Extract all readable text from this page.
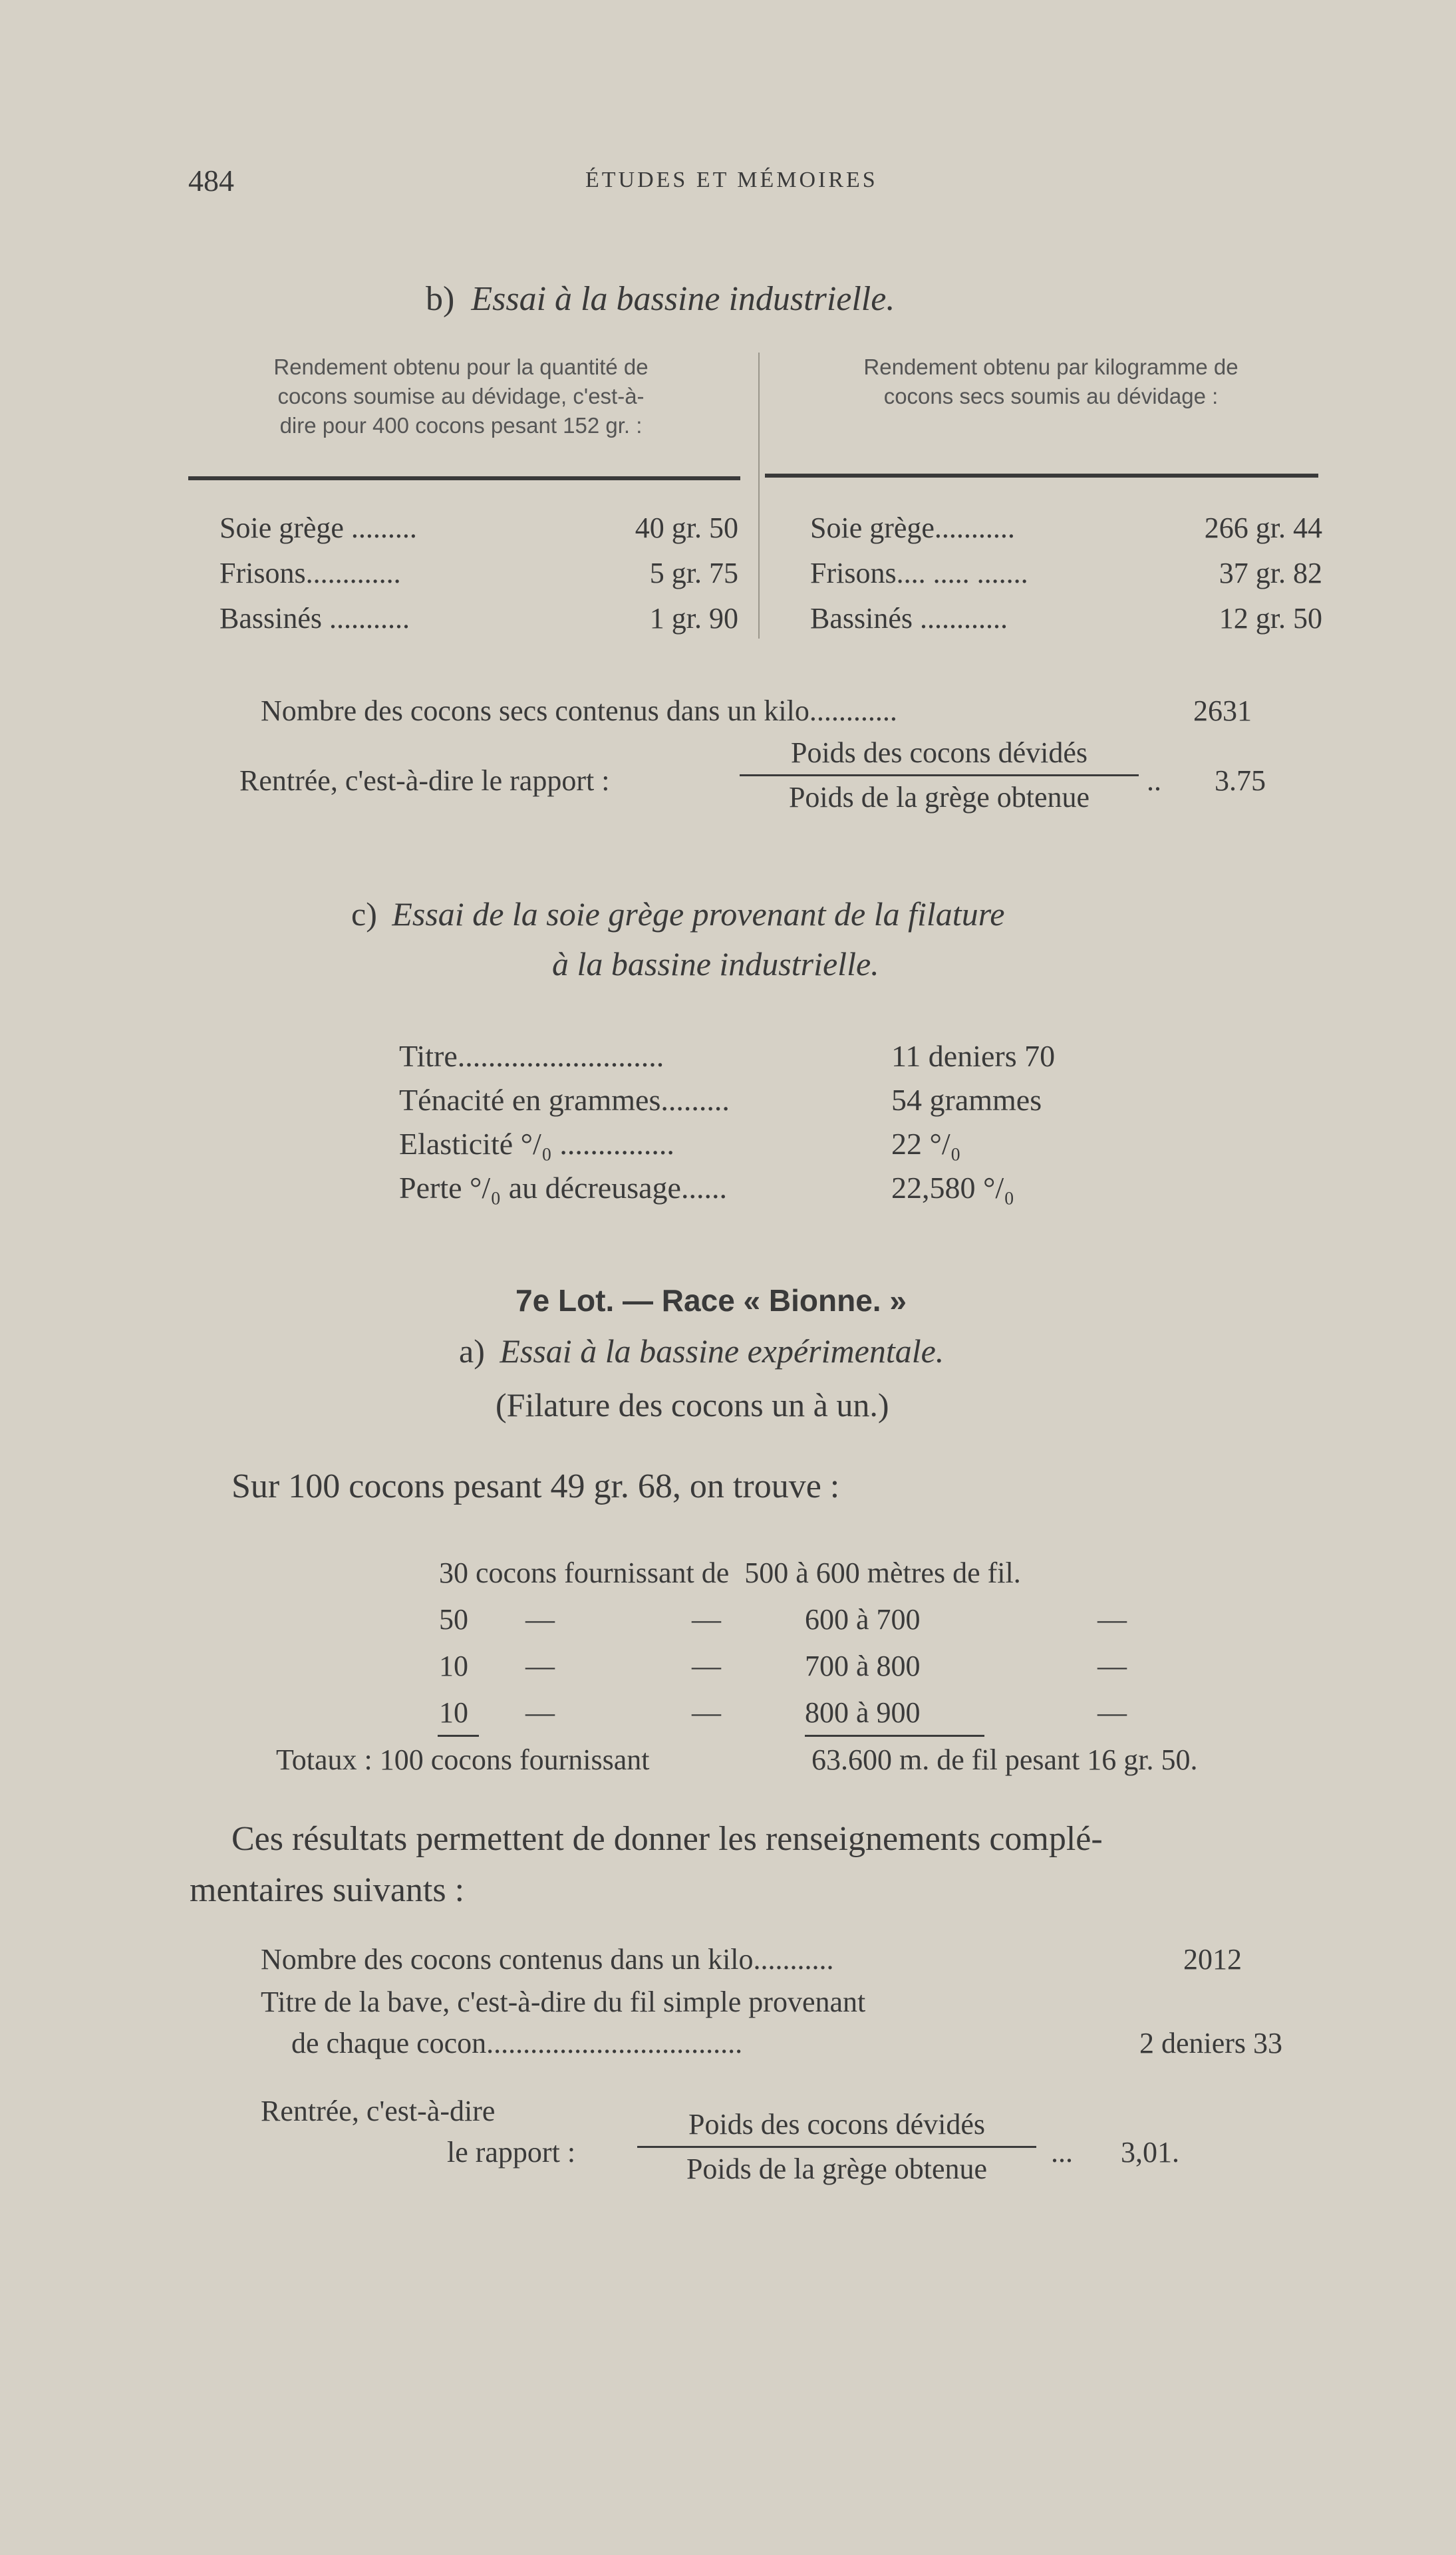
484	ÉTUDES ET MÉMOIRES
b) Essai à la bassine industrielle.
Rendement obtenu pour la quantité de
cocons soumise au dévidage, c'est-à-
dire pour 400 cocons pesant 152 gr. :
Rendement obtenu par kilogramme de
cocons secs soumis au dévidage :
Soie grège .........	40 gr. 50
Frisons.............	5 gr. 75
Bassinés ...........	1 gr. 90
Soie grège...........	266 gr. 44
Frisons.... ..... .......	37 gr. 82
Bassinés ............	12 gr. 50
Nombre des cocons secs contenus dans un kilo............	2631
Rentrée, c'est-à-dire le rapport :
Poids des cocons dévidés
Poids de la grège obtenue
.. 3.75
c) Essai de la soie grège provenant de la filature
à la bassine industrielle.
Titre...........................	11 deniers 70
Ténacité en grammes.........	54 grammes
Elasticité °/₀ ...............	22 °/₀
Perte °/₀ au décreusage......	22,580 °/₀
7e Lot. — Race « Bionne. »
a) Essai à la bassine expérimentale.
(Filature des cocons un à un.)
Sur 100 cocons pesant 49 gr. 68, on trouve :
30 cocons fournissant de 500 à 600 mètres de fil.
50 —	—	600 à 700	—
10 —	—	700 à 800	—
10 —	—	800 à 900	—
Totaux : 100 cocons fournissant	63.600 m. de fil pesant 16 gr. 50.
Ces résultats permettent de donner les renseignements complé-
mentaires suivants :
Nombre des cocons contenus dans un kilo...........	2012
Titre de la bave, c'est-à-dire du fil simple provenant
de chaque cocon...................................	2 deniers 33
Rentrée, c'est-à-dire
le rapport :
Poids des cocons dévidés
Poids de la grège obtenue
... 3,01.
